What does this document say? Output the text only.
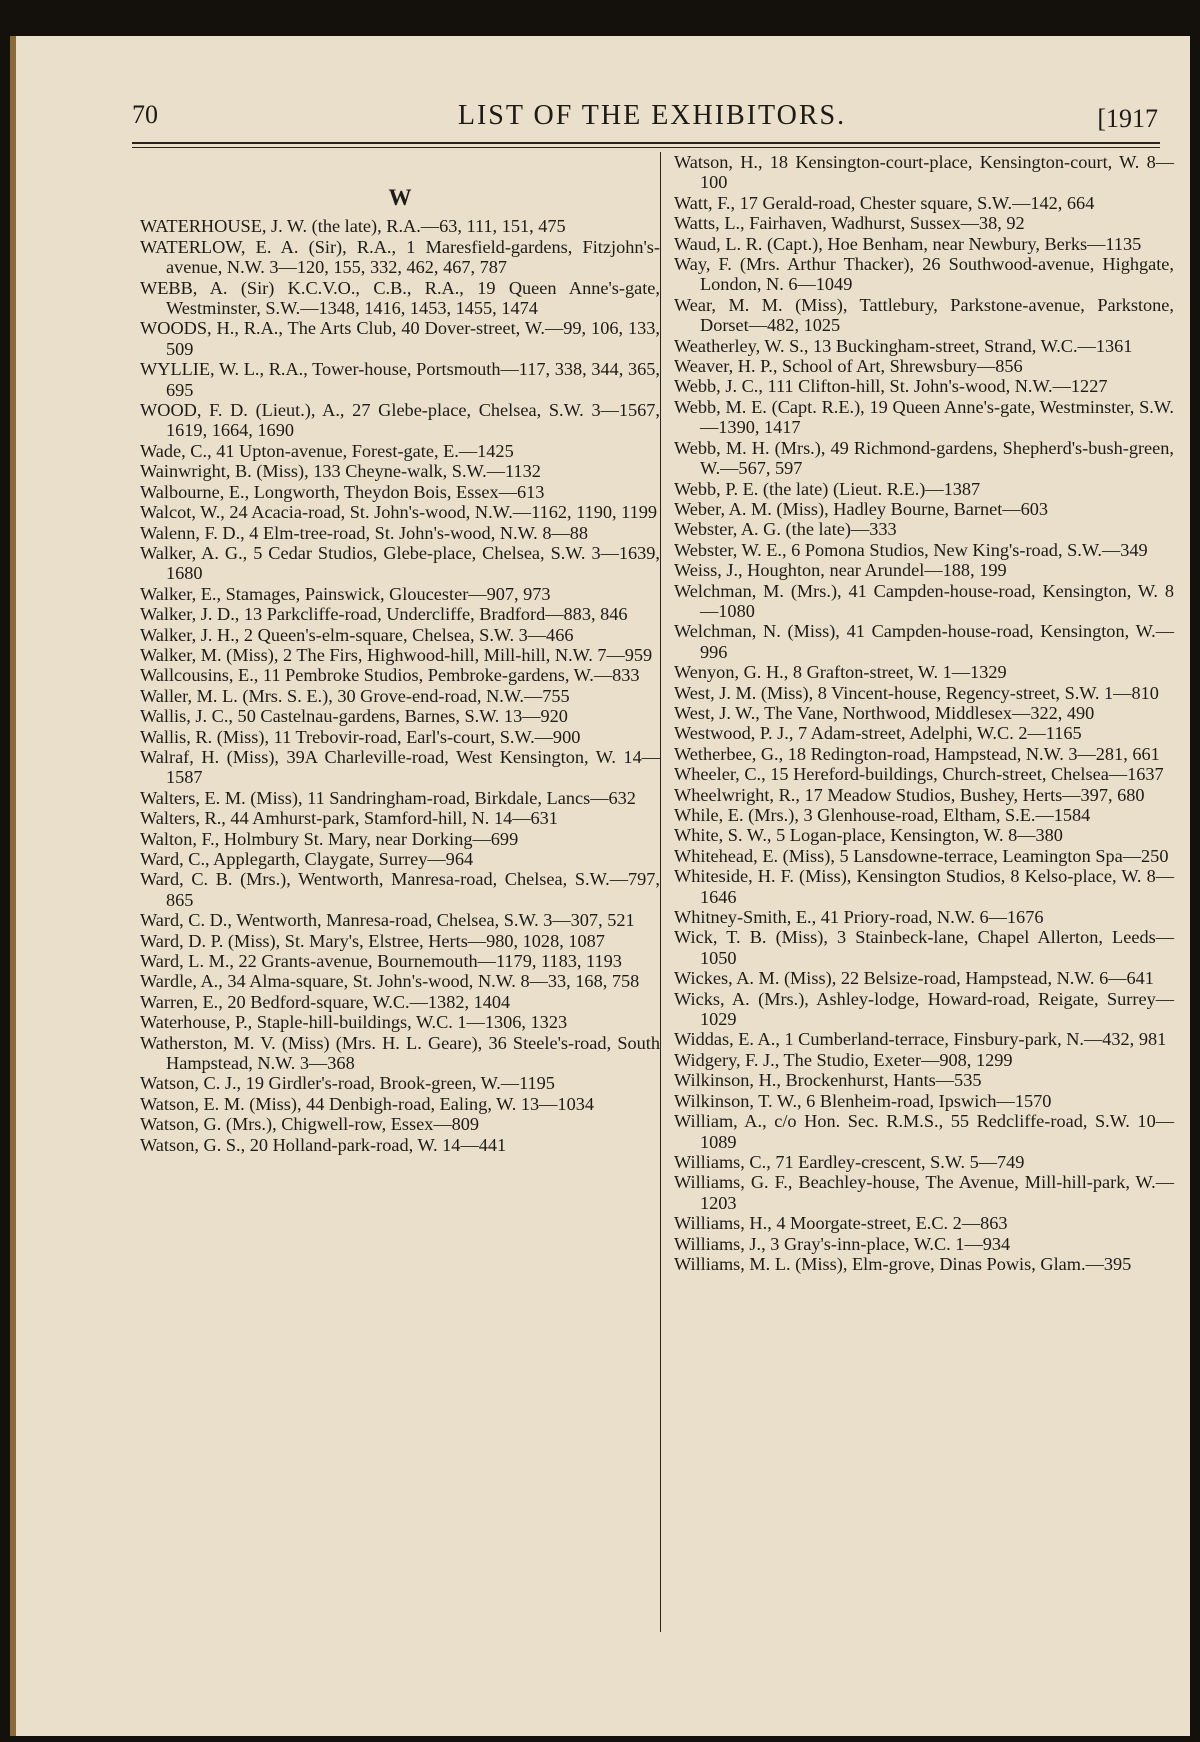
70	LIST OF THE EXHIBITORS.	[1917
W
WATERHOUSE, J. W. (the late), R.A.—63, 111, 151, 475
WATERLOW, E. A. (Sir), R.A., 1 Maresfield-gardens, Fitzjohn's-avenue, N.W. 3—120, 155, 332, 462, 467, 787
WEBB, A. (Sir) K.C.V.O., C.B., R.A., 19 Queen Anne's-gate, Westminster, S.W.—1348, 1416, 1453, 1455, 1474
WOODS, H., R.A., The Arts Club, 40 Dover-street, W.—99, 106, 133, 509
WYLLIE, W. L., R.A., Tower-house, Portsmouth—117, 338, 344, 365, 695
WOOD, F. D. (Lieut.), A., 27 Glebe-place, Chelsea, S.W. 3—1567, 1619, 1664, 1690
Wade, C., 41 Upton-avenue, Forest-gate, E.—1425
Wainwright, B. (Miss), 133 Cheyne-walk, S.W.—1132
Walbourne, E., Longworth, Theydon Bois, Essex—613
Walcot, W., 24 Acacia-road, St. John's-wood, N.W.—1162, 1190, 1199
Walenn, F. D., 4 Elm-tree-road, St. John's-wood, N.W. 8—88
Walker, A. G., 5 Cedar Studios, Glebe-place, Chelsea, S.W. 3—1639, 1680
Walker, E., Stamages, Painswick, Gloucester—907, 973
Walker, J. D., 13 Parkcliffe-road, Undercliffe, Bradford—883, 846
Walker, J. H., 2 Queen's-elm-square, Chelsea, S.W. 3—466
Walker, M. (Miss), 2 The Firs, Highwood-hill, Mill-hill, N.W. 7—959
Wallcousins, E., 11 Pembroke Studios, Pembroke-gardens, W.—833
Waller, M. L. (Mrs. S. E.), 30 Grove-end-road, N.W.—755
Wallis, J. C., 50 Castelnau-gardens, Barnes, S.W. 13—920
Wallis, R. (Miss), 11 Trebovir-road, Earl's-court, S.W.—900
Walraf, H. (Miss), 39A Charleville-road, West Kensington, W. 14—1587
Walters, E. M. (Miss), 11 Sandringham-road, Birkdale, Lancs—632
Walters, R., 44 Amhurst-park, Stamford-hill, N. 14—631
Walton, F., Holmbury St. Mary, near Dorking—699
Ward, C., Applegarth, Claygate, Surrey—964
Ward, C. B. (Mrs.), Wentworth, Manresa-road, Chelsea, S.W.—797, 865
Ward, C. D., Wentworth, Manresa-road, Chelsea, S.W. 3—307, 521
Ward, D. P. (Miss), St. Mary's, Elstree, Herts—980, 1028, 1087
Ward, L. M., 22 Grants-avenue, Bournemouth—1179, 1183, 1193
Wardle, A., 34 Alma-square, St. John's-wood, N.W. 8—33, 168, 758
Warren, E., 20 Bedford-square, W.C.—1382, 1404
Waterhouse, P., Staple-hill-buildings, W.C. 1—1306, 1323
Watherston, M. V. (Miss) (Mrs. H. L. Geare), 36 Steele's-road, South Hampstead, N.W. 3—368
Watson, C. J., 19 Girdler's-road, Brook-green, W.—1195
Watson, E. M. (Miss), 44 Denbigh-road, Ealing, W. 13—1034
Watson, G. (Mrs.), Chigwell-row, Essex—809
Watson, G. S., 20 Holland-park-road, W. 14—441
Watson, H., 18 Kensington-court-place, Kensington-court, W. 8—100
Watt, F., 17 Gerald-road, Chester square, S.W.—142, 664
Watts, L., Fairhaven, Wadhurst, Sussex—38, 92
Waud, L. R. (Capt.), Hoe Benham, near Newbury, Berks—1135
Way, F. (Mrs. Arthur Thacker), 26 Southwood-avenue, Highgate, London, N. 6—1049
Wear, M. M. (Miss), Tattlebury, Parkstone-avenue, Parkstone, Dorset—482, 1025
Weatherley, W. S., 13 Buckingham-street, Strand, W.C.—1361
Weaver, H. P., School of Art, Shrewsbury—856
Webb, J. C., 111 Clifton-hill, St. John's-wood, N.W.—1227
Webb, M. E. (Capt. R.E.), 19 Queen Anne's-gate, Westminster, S.W.—1390, 1417
Webb, M. H. (Mrs.), 49 Richmond-gardens, Shepherd's-bush-green, W.—567, 597
Webb, P. E. (the late) (Lieut. R.E.)—1387
Weber, A. M. (Miss), Hadley Bourne, Barnet—603
Webster, A. G. (the late)—333
Webster, W. E., 6 Pomona Studios, New King's-road, S.W.—349
Weiss, J., Houghton, near Arundel—188, 199
Welchman, M. (Mrs.), 41 Campden-house-road, Kensington, W. 8—1080
Welchman, N. (Miss), 41 Campden-house-road, Kensington, W.—996
Wenyon, G. H., 8 Grafton-street, W. 1—1329
West, J. M. (Miss), 8 Vincent-house, Regency-street, S.W. 1—810
West, J. W., The Vane, Northwood, Middlesex—322, 490
Westwood, P. J., 7 Adam-street, Adelphi, W.C. 2—1165
Wetherbee, G., 18 Redington-road, Hampstead, N.W. 3—281, 661
Wheeler, C., 15 Hereford-buildings, Church-street, Chelsea—1637
Wheelwright, R., 17 Meadow Studios, Bushey, Herts—397, 680
While, E. (Mrs.), 3 Glenhouse-road, Eltham, S.E.—1584
White, S. W., 5 Logan-place, Kensington, W. 8—380
Whitehead, E. (Miss), 5 Lansdowne-terrace, Leamington Spa—250
Whiteside, H. F. (Miss), Kensington Studios, 8 Kelso-place, W. 8—1646
Whitney-Smith, E., 41 Priory-road, N.W. 6—1676
Wick, T. B. (Miss), 3 Stainbeck-lane, Chapel Allerton, Leeds—1050
Wickes, A. M. (Miss), 22 Belsize-road, Hampstead, N.W. 6—641
Wicks, A. (Mrs.), Ashley-lodge, Howard-road, Reigate, Surrey—1029
Widdas, E. A., 1 Cumberland-terrace, Finsbury-park, N.—432, 981
Widgery, F. J., The Studio, Exeter—908, 1299
Wilkinson, H., Brockenhurst, Hants—535
Wilkinson, T. W., 6 Blenheim-road, Ipswich—1570
William, A., c/o Hon. Sec. R.M.S., 55 Redcliffe-road, S.W. 10—1089
Williams, C., 71 Eardley-crescent, S.W. 5—749
Williams, G. F., Beachley-house, The Avenue, Mill-hill-park, W.—1203
Williams, H., 4 Moorgate-street, E.C. 2—863
Williams, J., 3 Gray's-inn-place, W.C. 1—934
Williams, M. L. (Miss), Elm-grove, Dinas Powis, Glam.—395
